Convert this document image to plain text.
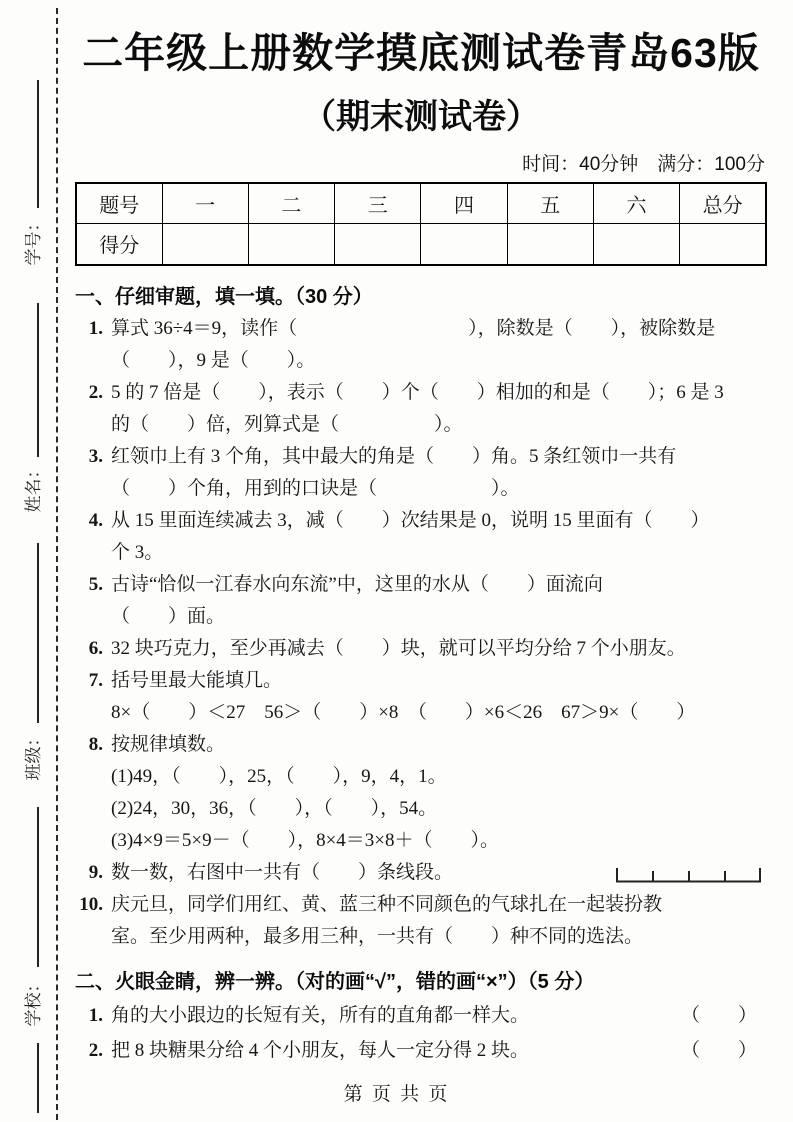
学号：
姓名：
班级：
学校：
二年级上册数学摸底测试卷青岛63版
（期末测试卷）
时间：40分钟　满分：100分
题号	一	二	三	四	五	六	总分
得分							
一、仔细审题，填一填。（30 分）
1. 算式 36÷4＝9，读作（　　　　　　　　　），除数是（　　），被除数是
（　　），9 是（　　）。
2. 5 的 7 倍是（　　），表示（　　）个（　　）相加的和是（　　）；6 是 3
的（　　）倍，列算式是（　　　　　）。
3. 红领巾上有 3 个角，其中最大的角是（　　）角。5 条红领巾一共有
（　　）个角，用到的口诀是（　　　　　　）。
4. 从 15 里面连续减去 3，减（　　）次结果是 0，说明 15 里面有（　　）
个 3。
5. 古诗“恰似一江春水向东流”中，这里的水从（　　）面流向
（　　）面。
6. 32 块巧克力，至少再减去（　　）块，就可以平均分给 7 个小朋友。
7. 括号里最大能填几。
8×（　　）＜27　56＞（　　）×8　（　　）×6＜26　67＞9×（　　）
8. 按规律填数。
(1)49，（　　），25，（　　），9，4，1。
(2)24，30，36，（　　），（　　），54。
(3)4×9＝5×9－（　　），8×4＝3×8＋（　　）。
9. 数一数，右图中一共有（　　）条线段。
10. 庆元旦，同学们用红、黄、蓝三种不同颜色的气球扎在一起装扮教
室。至少用两种，最多用三种，一共有（　　）种不同的选法。
二、火眼金睛，辨一辨。（对的画“√”，错的画“×”）（5 分）
1. 角的大小跟边的长短有关，所有的直角都一样大。	（　　）
2. 把 8 块糖果分给 4 个小朋友，每人一定分得 2 块。	（　　）
第 页 共 页
